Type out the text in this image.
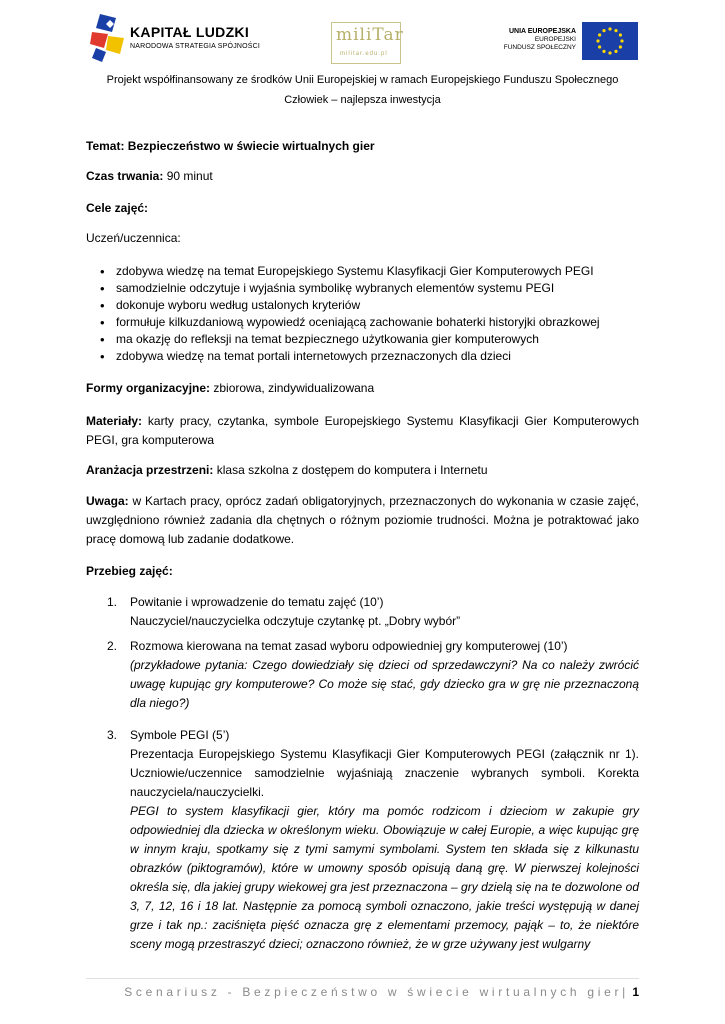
KAPITAŁ LUDZKI
NARODOWA STRATEGIA SPÓJNOŚCI
miliTar
militar.edu.pl
UNIA EUROPEJSKA
EUROPEJSKI
FUNDUSZ SPOŁECZNY
Projekt współfinansowany ze środków Unii Europejskiej w ramach Europejskiego Funduszu Społecznego
Człowiek – najlepsza inwestycja

Temat: Bezpieczeństwo w świecie wirtualnych gier

Czas trwania: 90 minut

Cele zajęć:

Uczeń/uczennica:

• zdobywa wiedzę na temat Europejskiego Systemu Klasyfikacji Gier Komputerowych PEGI
• samodzielnie odczytuje i wyjaśnia symbolikę wybranych elementów systemu PEGI
• dokonuje wyboru według ustalonych kryteriów
• formułuje kilkuzdaniową wypowiedź oceniającą zachowanie bohaterki historyjki obrazkowej
• ma okazję do refleksji na temat bezpiecznego użytkowania gier komputerowych
• zdobywa wiedzę na temat portali internetowych przeznaczonych dla dzieci

Formy organizacyjne: zbiorowa, zindywidualizowana

Materiały: karty pracy, czytanka, symbole Europejskiego Systemu Klasyfikacji Gier Komputerowych PEGI, gra komputerowa

Aranżacja przestrzeni: klasa szkolna z dostępem do komputera i Internetu

Uwaga: w Kartach pracy, oprócz zadań obligatoryjnych, przeznaczonych do wykonania w czasie zajęć, uwzględniono również zadania dla chętnych o różnym poziomie trudności. Można je potraktować jako pracę domową lub zadanie dodatkowe.

Przebieg zajęć:

1. Powitanie i wprowadzenie do tematu zajęć (10’)

Nauczyciel/nauczycielka odczytuje czytankę pt. „Dobry wybór”

2. Rozmowa kierowana na temat zasad wyboru odpowiedniej gry komputerowej (10’)

(przykładowe pytania: Czego dowiedziały się dzieci od sprzedawczyni? Na co należy zwrócić uwagę kupując gry komputerowe? Co może się stać, gdy dziecko gra w grę nie przeznaczoną dla niego?)

3. Symbole PEGI (5’)

Prezentacja Europejskiego Systemu Klasyfikacji Gier Komputerowych PEGI (załącznik nr 1). Uczniowie/uczennice samodzielnie wyjaśniają znaczenie wybranych symboli. Korekta nauczyciela/nauczycielki.

PEGI to system klasyfikacji gier, który ma pomóc rodzicom i dzieciom w zakupie gry odpowiedniej dla dziecka w określonym wieku. Obowiązuje w całej Europie, a więc kupując grę w innym kraju, spotkamy się z tymi samymi symbolami. System ten składa się z kilkunastu obrazków (piktogramów), które w umowny sposób opisują daną grę. W pierwszej kolejności określa się, dla jakiej grupy wiekowej gra jest przeznaczona – gry dzielą się na te dozwolone od 3, 7, 12, 16 i 18 lat. Następnie za pomocą symboli oznaczono, jakie treści występują w danej grze i tak np.: zaciśnięta pięść oznacza grę z elementami przemocy, pająk – to, że niektóre sceny mogą przestraszyć dzieci; oznaczono również, że w grze używany jest wulgarny

Scenariusz - Bezpieczeństwo w świecie wirtualnych gier| 1
